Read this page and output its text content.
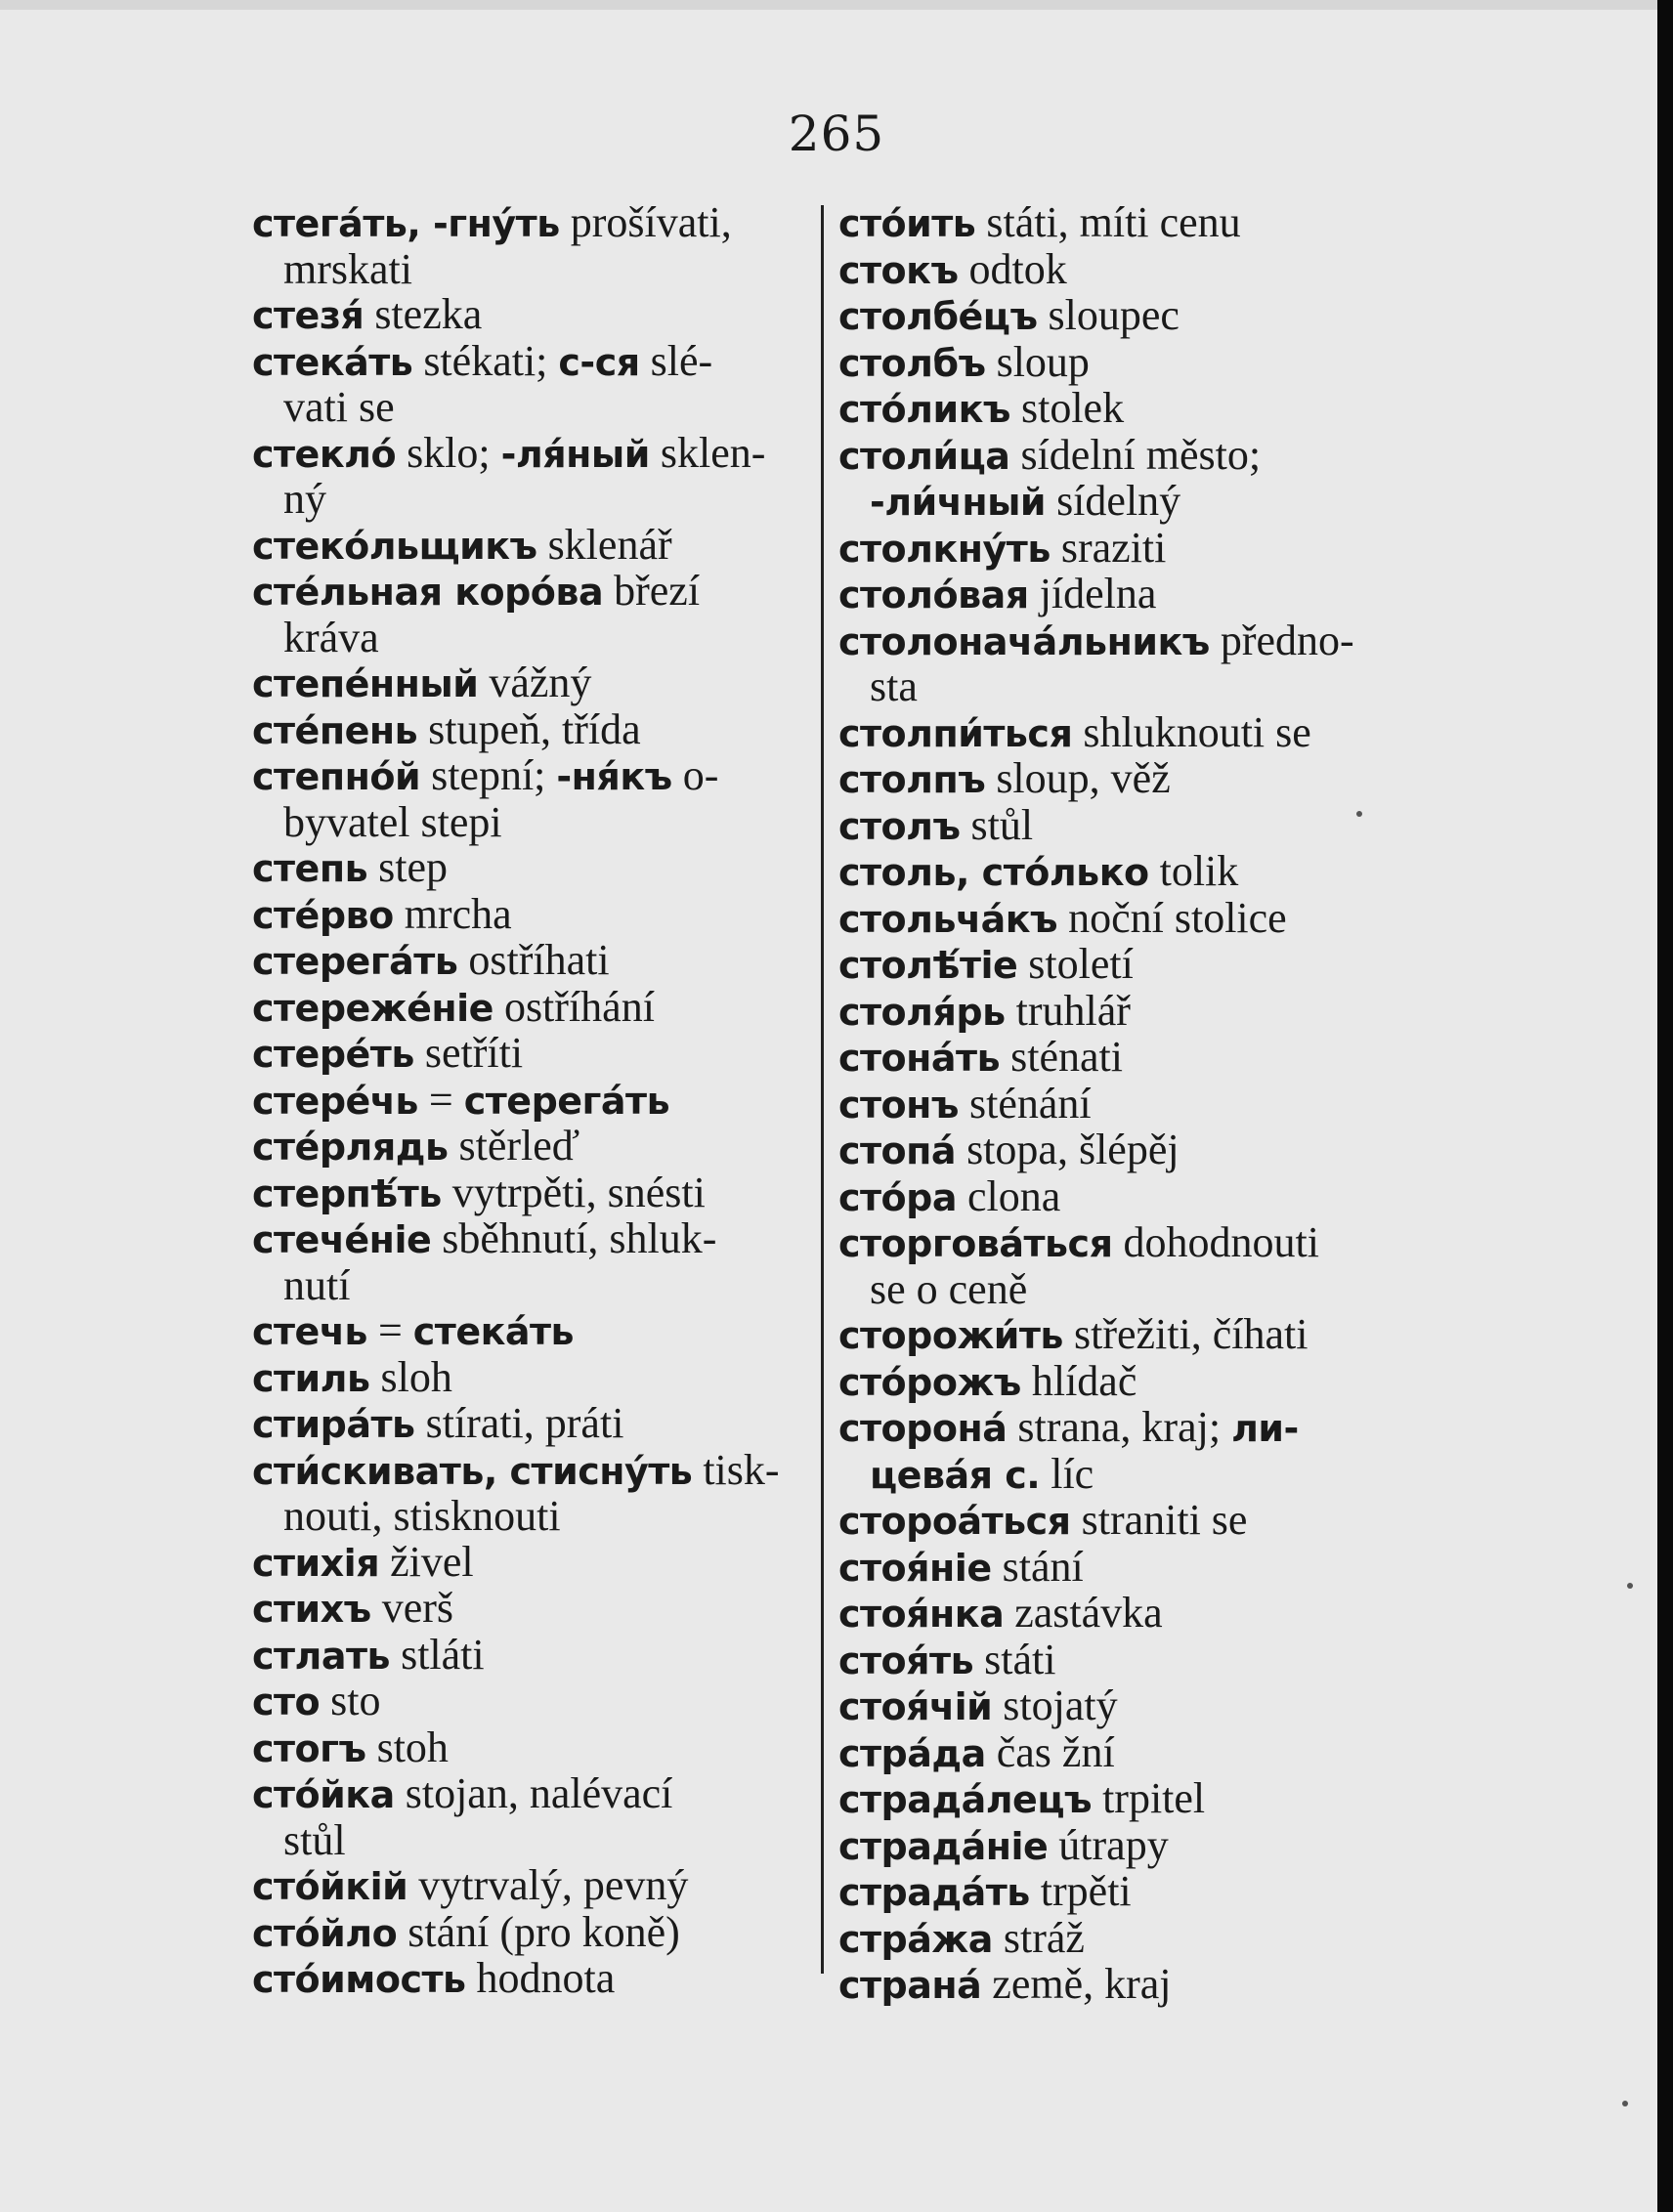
265
стегáть, -гнýть prošívati,
mrskati
стезя́ stezka
стекáть stékati; с-ся slé-
vati se
стекло́ sklo; -ля́ный sklen-
ný
стеко́льщикъ sklenář
сте́льная коро́ва březí
kráva
степе́нный vážný
сте́пень stupeň, třída
степно́й stepní; -ня́къ o-
byvatel stepi
степь step
сте́рво mrcha
стерегáть ostříhati
стереже́нiе ostříhání
стере́ть setříti
стере́чь = стерегáть
сте́рлядь stěrleď
стерпѣ́ть vytrpěti, snésti
стече́нiе sběhnutí, shluk-
nutí
стечь = стекáть
стиль sloh
стирáть stírati, práti
сти́скивать, стиснýть tisk-
nouti, stisknouti
стихiя živel
стихъ verš
стлать stláti
сто sto
стогъ stoh
сто́йка stojan, nalévací
stůl
сто́йкiй vytrvalý, pevný
сто́йло stání (pro koně)
сто́имость hodnota
сто́ить státi, míti cenu
стокъ odtok
столбе́цъ sloupec
столбъ sloup
сто́ликъ stolek
столи́ца sídelní město;
-ли́чный sídelný
столкнýть sraziti
столо́вая jídelna
столоначáльникъ předno-
sta
столпи́ться shluknouti se
столпъ sloup, věž
столъ stůl
столь, сто́лько tolik
стольчáкъ noční stolice
столѣ́тiе století
столя́рь truhlář
стонáть sténati
стонъ sténání
стопá stopa, šlépěj
сто́ра clona
сторговáться dohodnouti
se o ceně
сторожи́ть střežiti, číhati
сто́рожъ hlídač
сторонá strana, kraj; ли-
цевáя с. líc
стороáться straniti se
стоя́нiе stání
стоя́нка zastávka
стоя́ть státi
стоя́чiй stojatý
стра́да čas žní
страдáлецъ trpitel
страдáнiе útrapy
страдáть trpěti
стрáжа stráž
странá země, kraj
